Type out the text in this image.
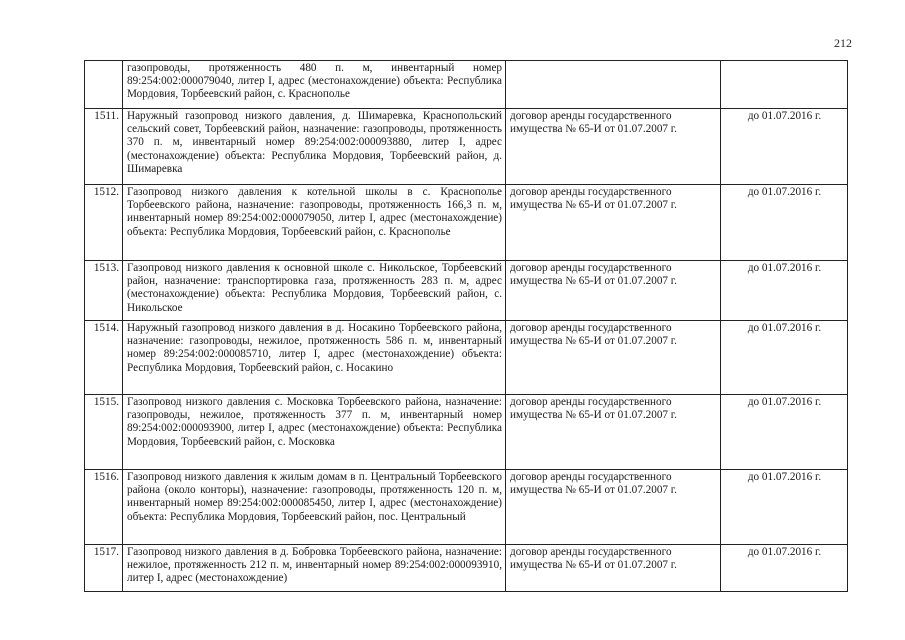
212
	газопроводы, протяженность 480 п. м, инвентарный номер 89:254:002:000079040, литер I, адрес (местонахождение) объекта: Республика Мордовия, Торбеевский район, с. Краснополье		
1511.	Наружный газопровод низкого давления, д. Шимаревка, Краснопольский сельский совет, Торбеевский район, назначение: газопроводы, протяженность 370 п. м, инвентарный номер 89:254:002:000093880, литер I, адрес (местонахождение) объекта: Республика Мордовия, Торбеевский район, д. Шимаревка	договор аренды государственного имущества № 65-И от 01.07.2007 г.	до 01.07.2016 г.
1512.	Газопровод низкого давления к котельной школы в с. Краснополье Торбеевского района, назначение: газопроводы, протяженность 166,3 п. м, инвентарный номер 89:254:002:000079050, литер I, адрес (местонахождение) объекта: Республика Мордовия, Торбеевский район, с. Краснополье	договор аренды государственного имущества № 65-И от 01.07.2007 г.	до 01.07.2016 г.
1513.	Газопровод низкого давления к основной школе с. Никольское, Торбеевский район, назначение: транспортировка газа, протяженность 283 п. м, адрес (местонахождение) объекта: Республика Мордовия, Торбеевский район, с. Никольское	договор аренды государственного имущества № 65-И от 01.07.2007 г.	до 01.07.2016 г.
1514.	Наружный газопровод низкого давления в д. Носакино Торбеевского района, назначение: газопроводы, нежилое, протяженность 586 п. м, инвентарный номер 89:254:002:000085710, литер I, адрес (местонахождение) объекта: Республика Мордовия, Торбеевский район, с. Носакино	договор аренды государственного имущества № 65-И от 01.07.2007 г.	до 01.07.2016 г.
1515.	Газопровод низкого давления с. Московка Торбеевского района, назначение: газопроводы, нежилое, протяженность 377 п. м, инвентарный номер 89:254:002:000093900, литер I, адрес (местонахождение) объекта: Республика Мордовия, Торбеевский район, с. Московка	договор аренды государственного имущества № 65-И от 01.07.2007 г.	до 01.07.2016 г.
1516.	Газопровод низкого давления к жилым домам в п. Центральный Торбеевского района (около конторы), назначение: газопроводы, протяженность 120 п. м, инвентарный номер 89:254:002:000085450, литер I, адрес (местонахождение) объекта: Республика Мордовия, Торбеевский район, пос. Центральный	договор аренды государственного имущества № 65-И от 01.07.2007 г.	до 01.07.2016 г.
1517.	Газопровод низкого давления в д. Бобровка Торбеевского района, назначение: нежилое, протяженность 212 п. м, инвентарный номер 89:254:002:000093910, литер I, адрес (местонахождение)	договор аренды государственного имущества № 65-И от 01.07.2007 г.	до 01.07.2016 г.
